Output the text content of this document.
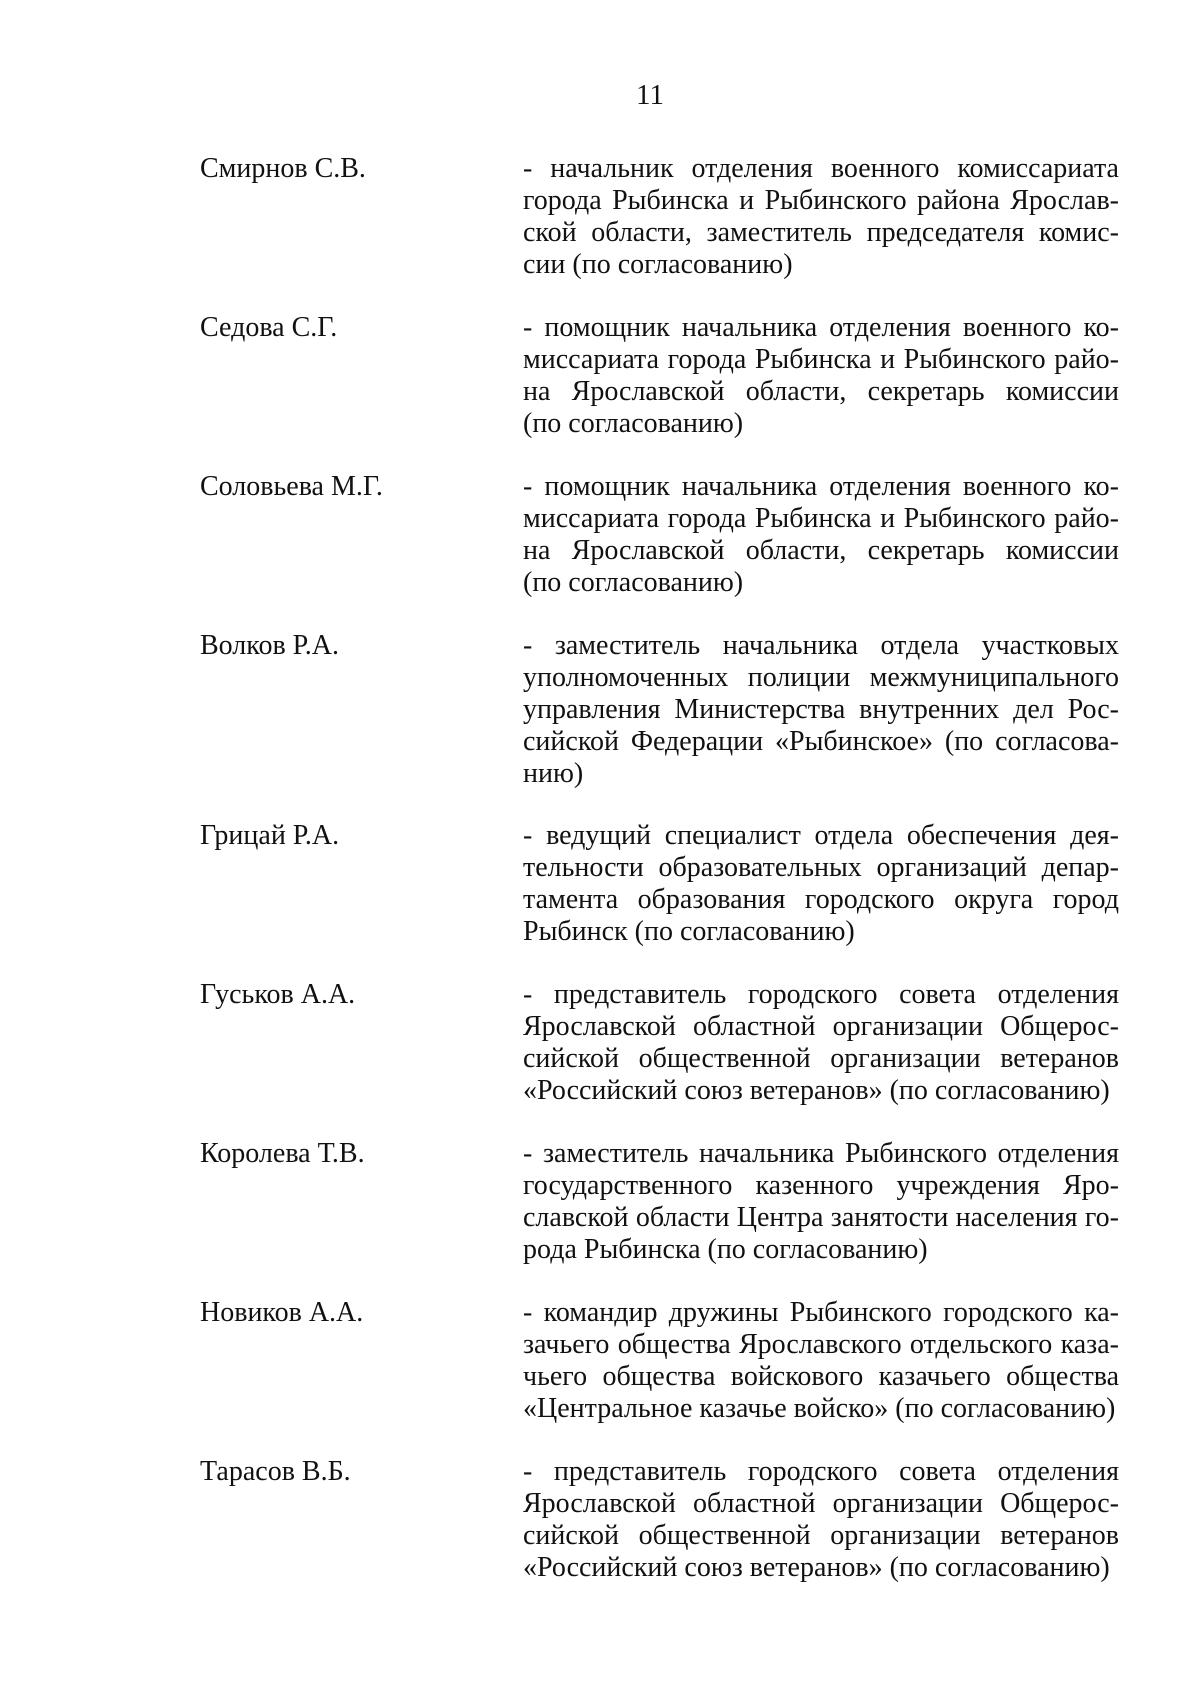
11
Смирнов С.В.	- начальник отделения военного комиссариата
города Рыбинска и Рыбинского района Ярослав-
ской области, заместитель председателя комис-
сии (по согласованию)
Седова С.Г.	- помощник начальника отделения военного ко-
миссариата города Рыбинска и Рыбинского райо-
на Ярославской области, секретарь комиссии
(по согласованию)
Соловьева М.Г.	- помощник начальника отделения военного ко-
миссариата города Рыбинска и Рыбинского райо-
на Ярославской области, секретарь комиссии
(по согласованию)
Волков Р.А.	- заместитель начальника отдела участковых
уполномоченных полиции межмуниципального
управления Министерства внутренних дел Рос-
сийской Федерации «Рыбинское» (по согласова-
нию)
Грицай Р.А.	- ведущий специалист отдела обеспечения дея-
тельности образовательных организаций депар-
тамента образования городского округа город
Рыбинск (по согласованию)
Гуськов А.А.	- представитель городского совета отделения
Ярославской областной организации Общерос-
сийской общественной организации ветеранов
«Российский союз ветеранов» (по согласованию)
Королева Т.В.	- заместитель начальника Рыбинского отделения
государственного казенного учреждения Яро-
славской области Центра занятости населения го-
рода Рыбинска (по согласованию)
Новиков А.А.	- командир дружины Рыбинского городского ка-
зачьего общества Ярославского отдельского каза-
чьего общества войскового казачьего общества
«Центральное казачье войско» (по согласованию)
Тарасов В.Б.	- представитель городского совета отделения
Ярославской областной организации Общерос-
сийской общественной организации ветеранов
«Российский союз ветеранов» (по согласованию)
